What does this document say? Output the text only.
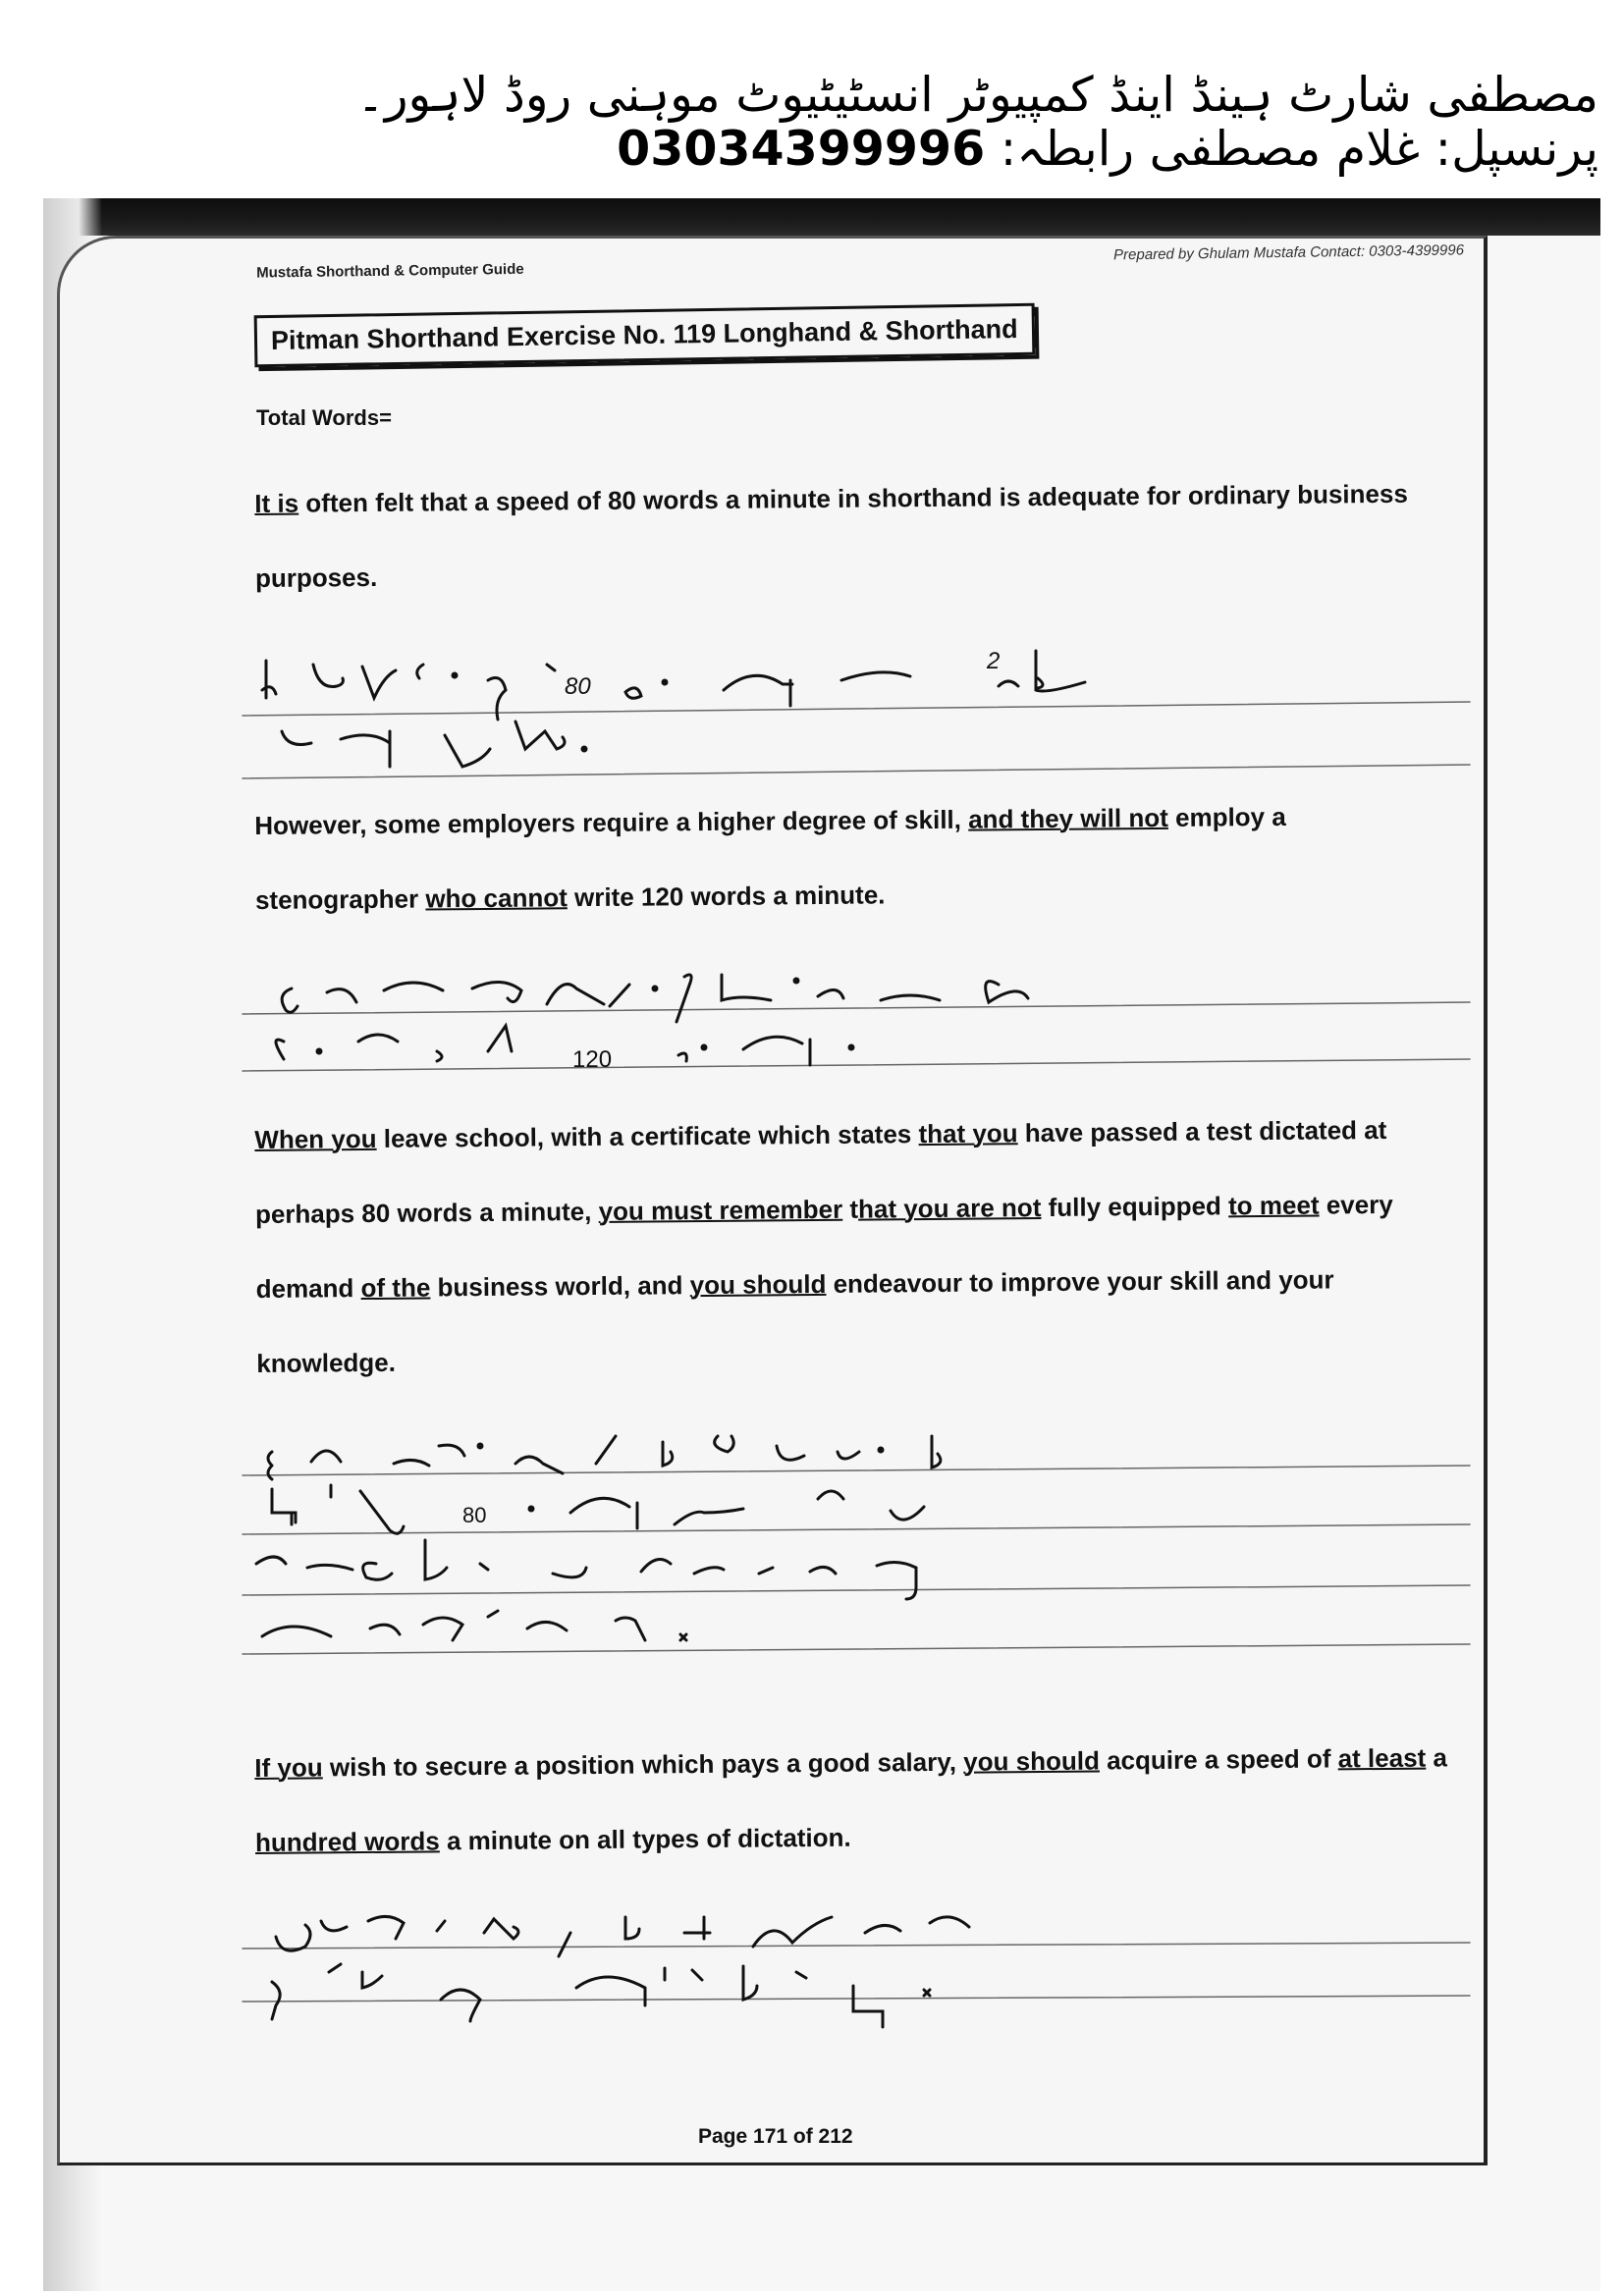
مصطفی شارٹ ہینڈ اینڈ کمپیوٹر انسٹیٹیوٹ موہنی روڈ لاہور۔
پرنسپل: غلام مصطفی رابطہ: 03034399996
Mustafa Shorthand & Computer Guide
Prepared by Ghulam Mustafa Contact: 0303-4399996
Pitman Shorthand Exercise No. 119 Longhand & Shorthand
Total Words=
It is often felt that a speed of 80 words a minute in shorthand is adequate for ordinary business purposes.
80
2
However, some employers require a higher degree of skill, and they will not employ a stenographer who cannot write 120 words a minute.
120
When you leave school, with a certificate which states that you have passed a test dictated at perhaps 80 words a minute, you must remember that you are not fully equipped to meet every demand of the business world, and you should endeavour to improve your skill and your knowledge.
80
If you wish to secure a position which pays a good salary, you should acquire a speed of at least a hundred words a minute on all types of dictation.
Page 171 of 212
